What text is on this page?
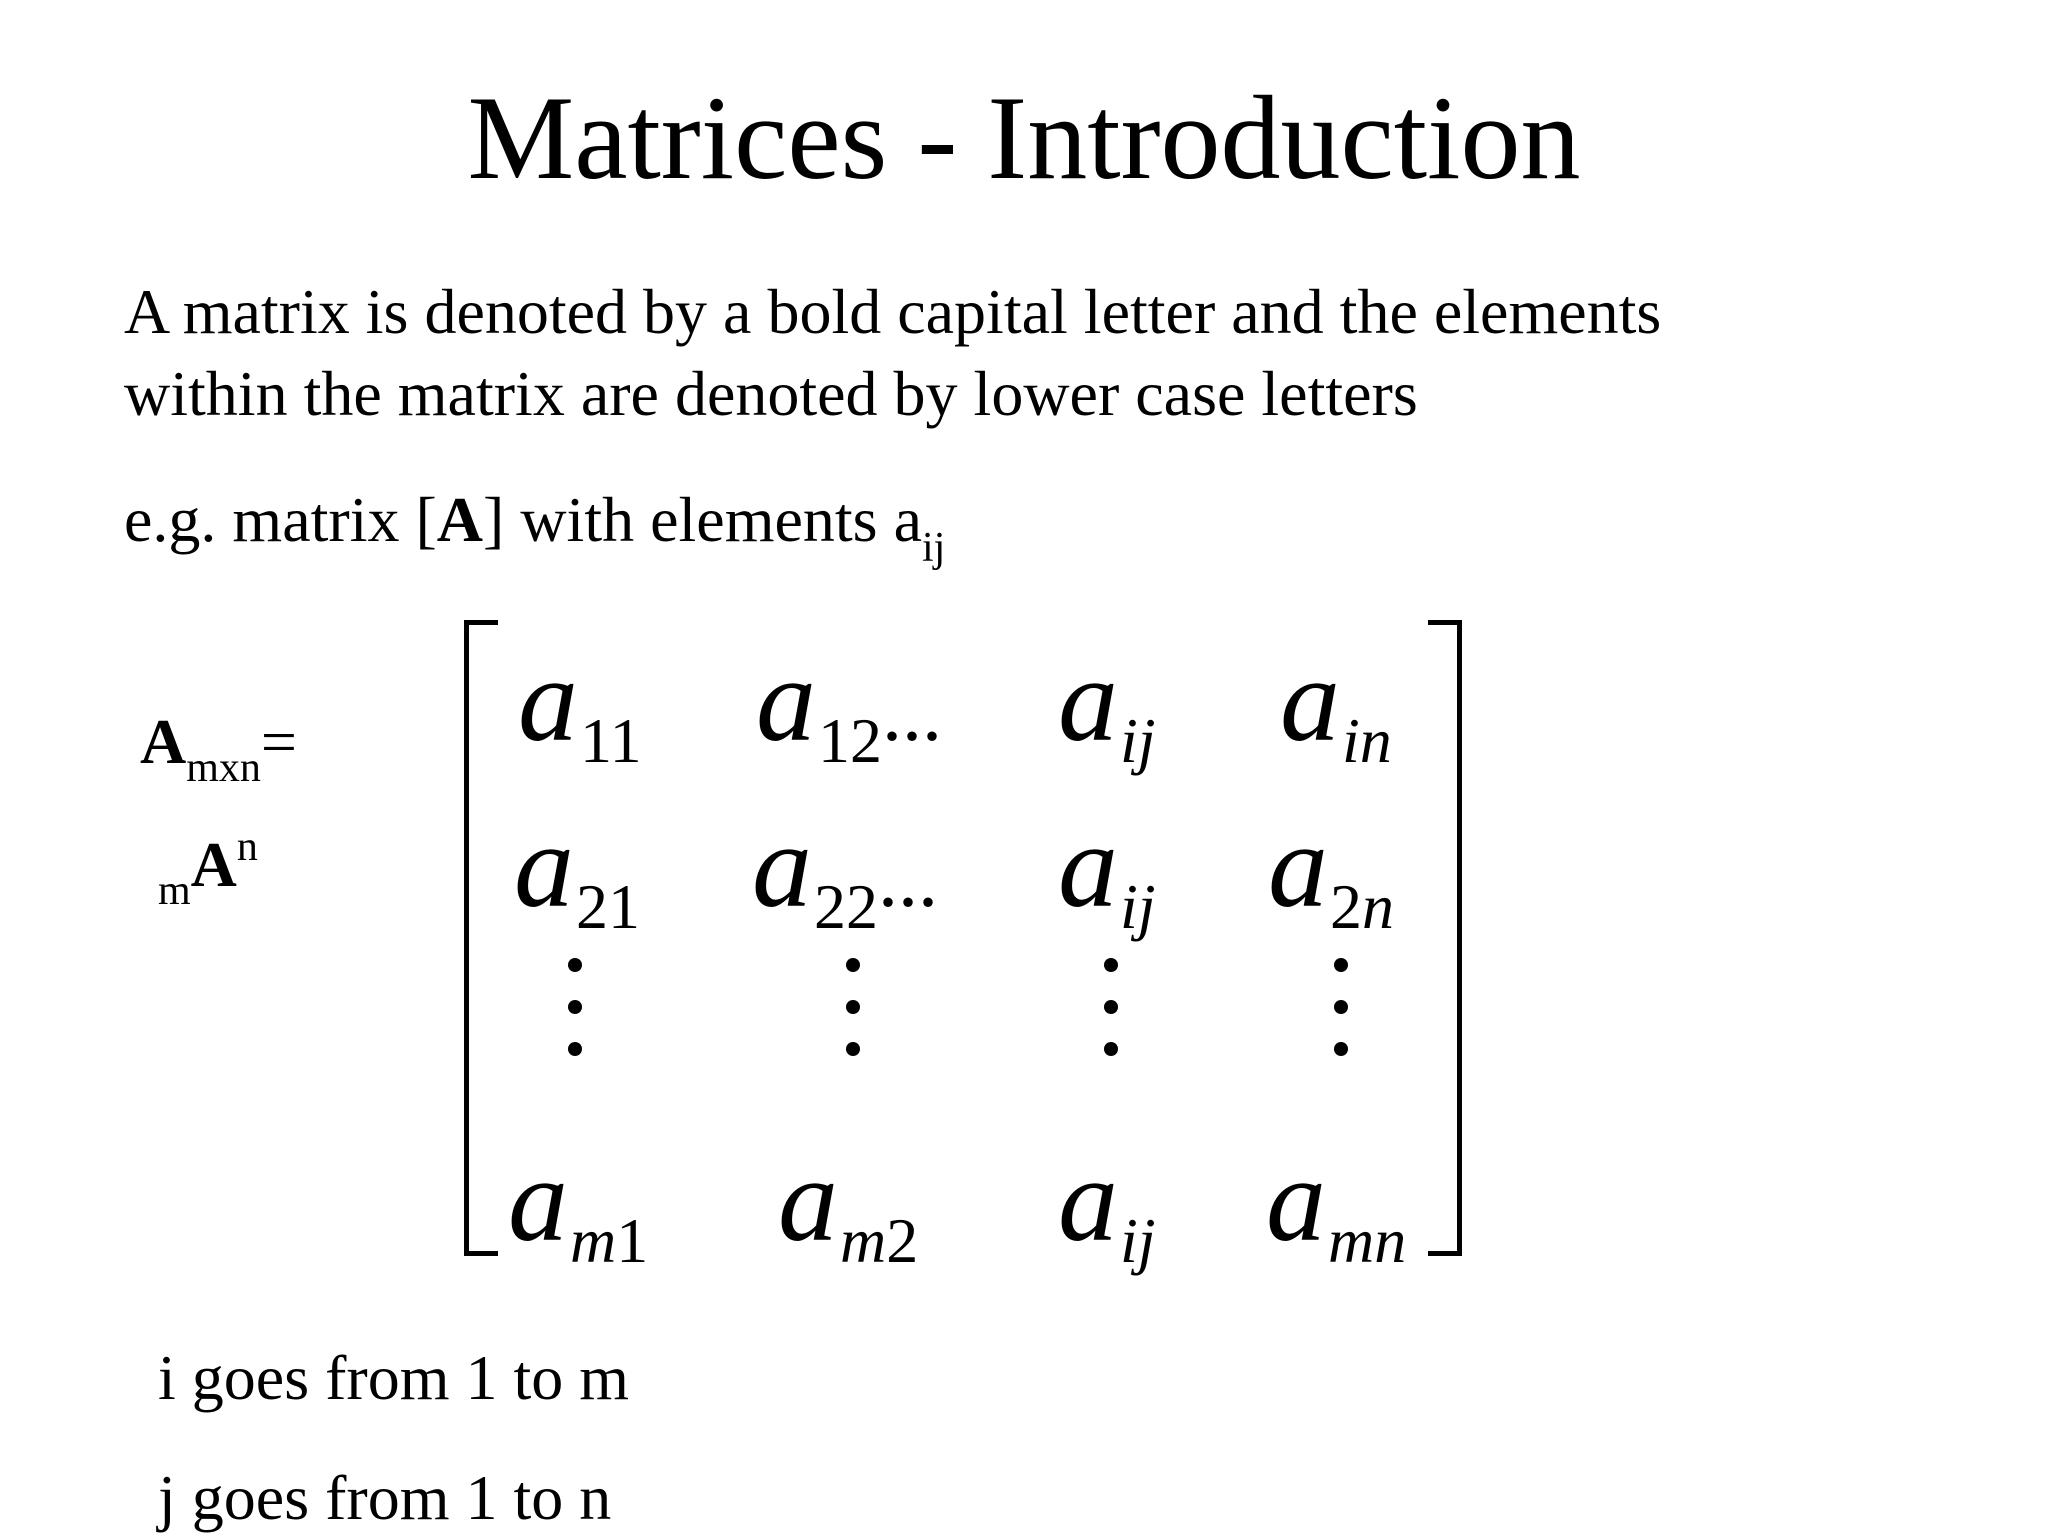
Matrices - Introduction
A matrix is denoted by a bold capital letter and the elements
within the matrix are denoted by lower case letters
e.g. matrix [A] with elements $a_{ij}$
$A_{mxn}=$
$_mA^n$
a11 a12... aij ain
a21 a22... aij a2n
am1 am2 aij amn
i goes from 1 to m
j goes from 1 to n
